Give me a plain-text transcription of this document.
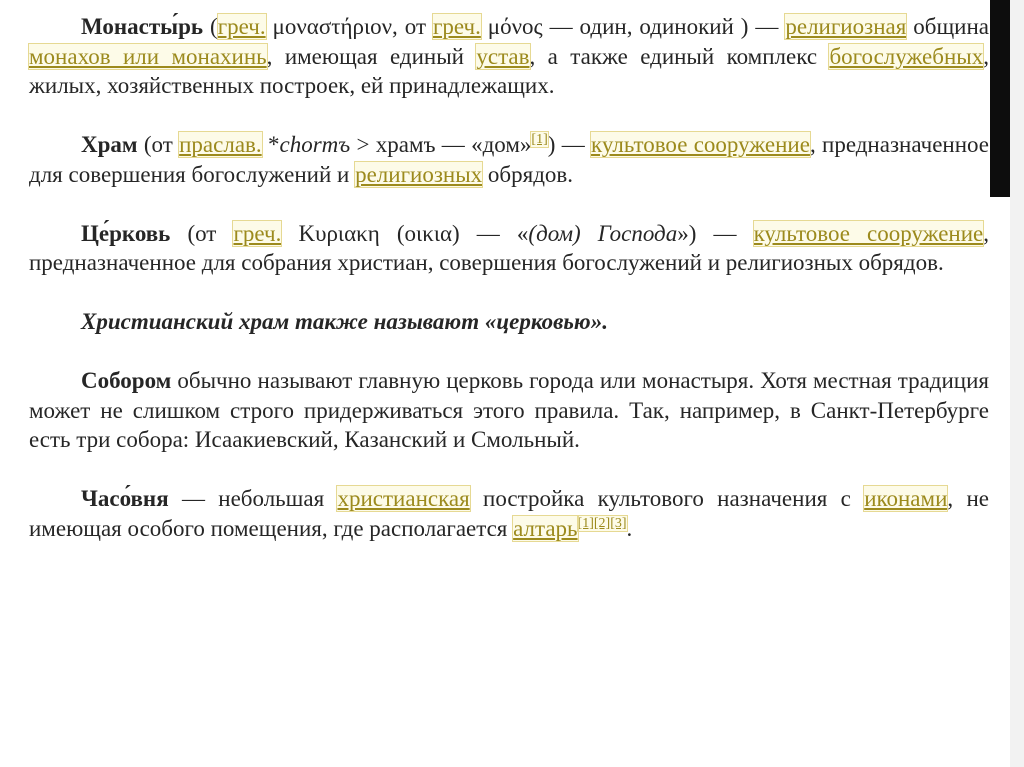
Монасты́рь (греч. μοναστήριον, от греч. μόνος — один, одинокий ) — религиозная община монахов или монахинь, имеющая единый устав, а также единый комплекс богослужебных, жилых, хозяйственных построек, ей принадлежащих.

Храм (от праслав. *chormъ > храмъ — «дом»[1]) — культовое сооружение, предназначенное для совершения богослужений и религиозных обрядов.

Це́рковь (от греч. Κυριακη (οικια) — «(дом) Господа») — культовое сооружение, предназначенное для собрания христиан, совершения богослужений и религиозных обрядов.

Христианский храм также называют «церковью».

Собором обычно называют главную церковь города или монастыря. Хотя местная традиция может не слишком строго придерживаться этого правила. Так, например, в Санкт-Петербурге есть три собора: Исаакиевский, Казанский и Смольный.

Часо́вня — небольшая христианская постройка культового назначения с иконами, не имеющая особого помещения, где располагается алтарь[1][2][3].
